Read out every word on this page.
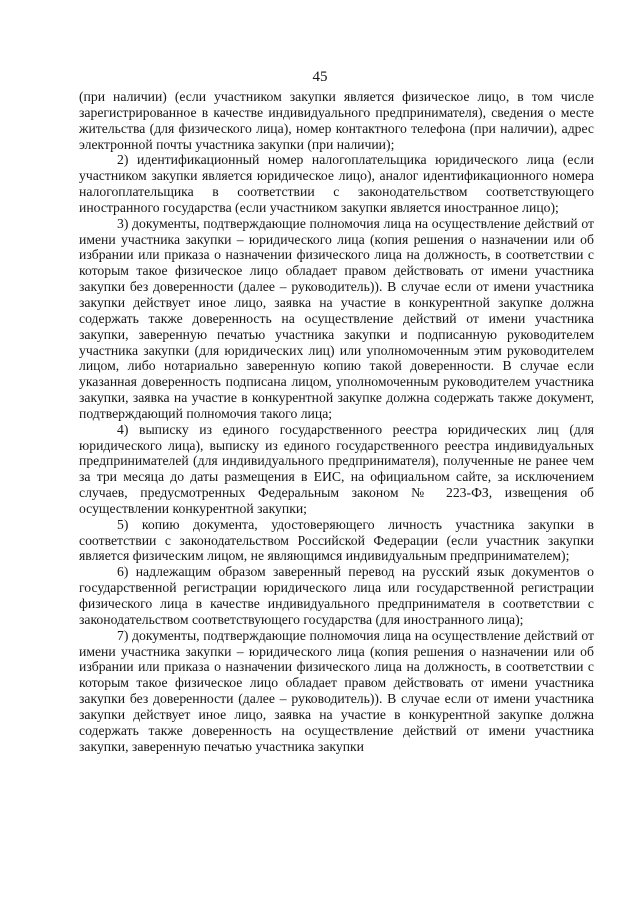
45

(при наличии) (если участником закупки является физическое лицо, в том числе зарегистрированное в качестве индивидуального предпринимателя), сведения о месте жительства (для физического лица), номер контактного телефона (при наличии), адрес электронной почты участника закупки (при наличии);

2) идентификационный номер налогоплательщика юридического лица (если участником закупки является юридическое лицо), аналог идентификационного номера налогоплательщика в соответствии с законодательством соответствующего иностранного государства (если участником закупки является иностранное лицо);

3) документы, подтверждающие полномочия лица на осуществление действий от имени участника закупки – юридического лица (копия решения о назначении или об избрании или приказа о назначении физического лица на должность, в соответствии с которым такое физическое лицо обладает правом действовать от имени участника закупки без доверенности (далее – руководитель)). В случае если от имени участника закупки действует иное лицо, заявка на участие в конкурентной закупке должна содержать также доверенность на осуществление действий от имени участника закупки, заверенную печатью участника закупки и подписанную руководителем участника закупки (для юридических лиц) или уполномоченным этим руководителем лицом, либо нотариально заверенную копию такой доверенности. В случае если указанная доверенность подписана лицом, уполномоченным руководителем участника закупки, заявка на участие в конкурентной закупке должна содержать также документ, подтверждающий полномочия такого лица;

4) выписку из единого государственного реестра юридических лиц (для юридического лица), выписку из единого государственного реестра индивидуальных предпринимателей (для индивидуального предпринимателя), полученные не ранее чем за три месяца до даты размещения в ЕИС, на официальном сайте, за исключением случаев, предусмотренных Федеральным законом № 223-ФЗ, извещения об осуществлении конкурентной закупки;

5) копию документа, удостоверяющего личность участника закупки в соответствии с законодательством Российской Федерации (если участник закупки является физическим лицом, не являющимся индивидуальным предпринимателем);

6) надлежащим образом заверенный перевод на русский язык документов о государственной регистрации юридического лица или государственной регистрации физического лица в качестве индивидуального предпринимателя в соответствии с законодательством соответствующего государства (для иностранного лица);

7) документы, подтверждающие полномочия лица на осуществление действий от имени участника закупки – юридического лица (копия решения о назначении или об избрании или приказа о назначении физического лица на должность, в соответствии с которым такое физическое лицо обладает правом действовать от имени участника закупки без доверенности (далее – руководитель)). В случае если от имени участника закупки действует иное лицо, заявка на участие в конкурентной закупке должна содержать также доверенность на осуществление действий от имени участника закупки, заверенную печатью участника закупки
